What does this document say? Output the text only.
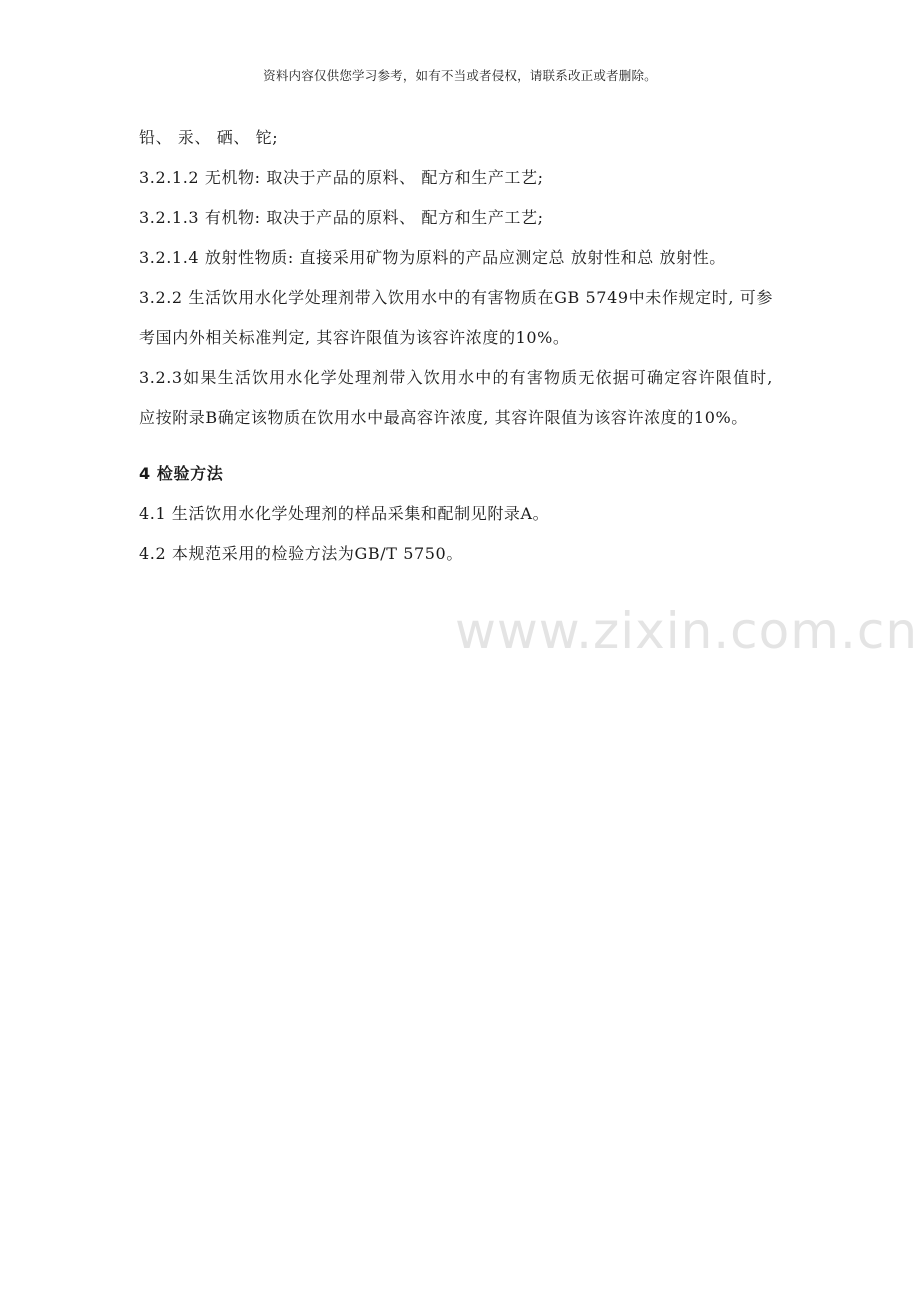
资料内容仅供您学习参考，如有不当或者侵权，请联系改正或者删除。

铅、 汞、 硒、 铊;

3.2.1.2 无机物: 取决于产品的原料、 配方和生产工艺;

3.2.1.3 有机物: 取决于产品的原料、 配方和生产工艺;

3.2.1.4 放射性物质: 直接采用矿物为原料的产品应测定总 放射性和总 放射性。

3.2.2 生活饮用水化学处理剂带入饮用水中的有害物质在GB 5749中未作规定时, 可参考国内外相关标准判定, 其容许限值为该容许浓度的10%。

3.2.3如果生活饮用水化学处理剂带入饮用水中的有害物质无依据可确定容许限值时, 应按附录B确定该物质在饮用水中最高容许浓度, 其容许限值为该容许浓度的10%。

4 检验方法

4.1 生活饮用水化学处理剂的样品采集和配制见附录A。

4.2 本规范采用的检验方法为GB/T 5750。

www.zixin.com.cn
